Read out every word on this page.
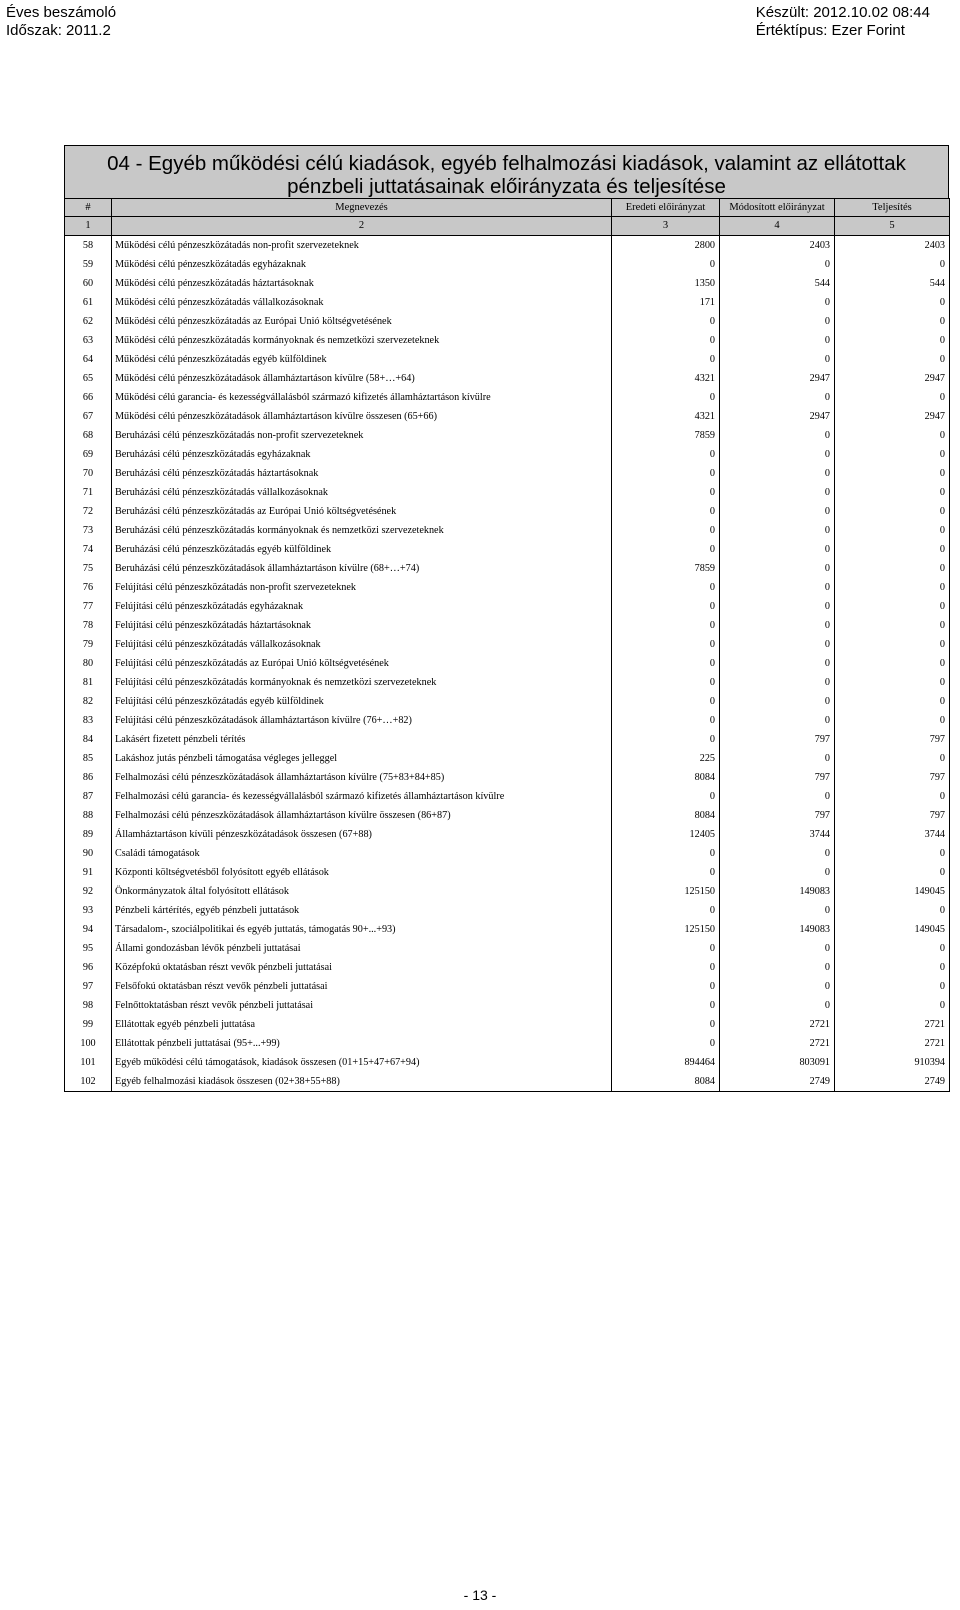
Éves beszámoló
Időszak: 2011.2
Készült: 2012.10.02 08:44
Értéktípus: Ezer Forint
04 - Egyéb működési célú kiadások, egyéb felhalmozási kiadások, valamint az ellátottak
pénzbeli juttatásainak előirányzata és teljesítése
#	Megnevezés	Eredeti előirányzat	Módosított előirányzat	Teljesítés
1	2	3	4	5
58	Működési célú pénzeszközátadás non-profit szervezeteknek	2800	2403	2403
59	Működési célú pénzeszközátadás egyházaknak	0	0	0
60	Működési célú pénzeszközátadás háztartásoknak	1350	544	544
61	Működési célú pénzeszközátadás vállalkozásoknak	171	0	0
62	Működési célú pénzeszközátadás az Európai Unió költségvetésének	0	0	0
63	Működési célú pénzeszközátadás kormányoknak és nemzetközi szervezeteknek	0	0	0
64	Működési célú pénzeszközátadás egyéb külföldinek	0	0	0
65	Működési célú pénzeszközátadások államháztartáson kívülre (58+…+64)	4321	2947	2947
66	Működési célú garancia- és kezességvállalásból származó kifizetés államháztartáson kívülre	0	0	0
67	Működési célú pénzeszközátadások államháztartáson kívülre összesen (65+66)	4321	2947	2947
68	Beruházási célú pénzeszközátadás non-profit szervezeteknek	7859	0	0
69	Beruházási célú pénzeszközátadás egyházaknak	0	0	0
70	Beruházási célú pénzeszközátadás háztartásoknak	0	0	0
71	Beruházási célú pénzeszközátadás vállalkozásoknak	0	0	0
72	Beruházási célú pénzeszközátadás az Európai Unió költségvetésének	0	0	0
73	Beruházási célú pénzeszközátadás kormányoknak és nemzetközi szervezeteknek	0	0	0
74	Beruházási célú pénzeszközátadás egyéb külföldinek	0	0	0
75	Beruházási célú pénzeszközátadások államháztartáson kívülre (68+…+74)	7859	0	0
76	Felújítási célú pénzeszközátadás non-profit szervezeteknek	0	0	0
77	Felújítási célú pénzeszközátadás egyházaknak	0	0	0
78	Felújítási célú pénzeszközátadás háztartásoknak	0	0	0
79	Felújítási célú pénzeszközátadás vállalkozásoknak	0	0	0
80	Felújítási célú pénzeszközátadás az Európai Unió költségvetésének	0	0	0
81	Felújítási célú pénzeszközátadás kormányoknak és nemzetközi szervezeteknek	0	0	0
82	Felújítási célú pénzeszközátadás egyéb külföldinek	0	0	0
83	Felújítási célú pénzeszközátadások államháztartáson kívülre (76+…+82)	0	0	0
84	Lakásért fizetett pénzbeli térítés	0	797	797
85	Lakáshoz jutás pénzbeli támogatása végleges jelleggel	225	0	0
86	Felhalmozási célú pénzeszközátadások államháztartáson kívülre (75+83+84+85)	8084	797	797
87	Felhalmozási célú garancia- és kezességvállalásból származó kifizetés államháztartáson kívülre	0	0	0
88	Felhalmozási célú pénzeszközátadások államháztartáson kívülre összesen (86+87)	8084	797	797
89	Államháztartáson kívüli pénzeszközátadások összesen (67+88)	12405	3744	3744
90	Családi támogatások	0	0	0
91	Központi költségvetésből folyósított egyéb ellátások	0	0	0
92	Önkormányzatok által folyósított ellátások	125150	149083	149045
93	Pénzbeli kártérítés, egyéb pénzbeli juttatások	0	0	0
94	Társadalom-, szociálpolitikai és egyéb juttatás, támogatás 90+...+93)	125150	149083	149045
95	Állami gondozásban lévők pénzbeli juttatásai	0	0	0
96	Középfokú oktatásban részt vevők pénzbeli juttatásai	0	0	0
97	Felsőfokú oktatásban részt vevők pénzbeli juttatásai	0	0	0
98	Felnőttoktatásban részt vevők pénzbeli juttatásai	0	0	0
99	Ellátottak egyéb pénzbeli juttatása	0	2721	2721
100	Ellátottak pénzbeli juttatásai (95+...+99)	0	2721	2721
101	Egyéb működési célú támogatások, kiadások összesen (01+15+47+67+94)	894464	803091	910394
102	Egyéb felhalmozási kiadások összesen (02+38+55+88)	8084	2749	2749
- 13 -
